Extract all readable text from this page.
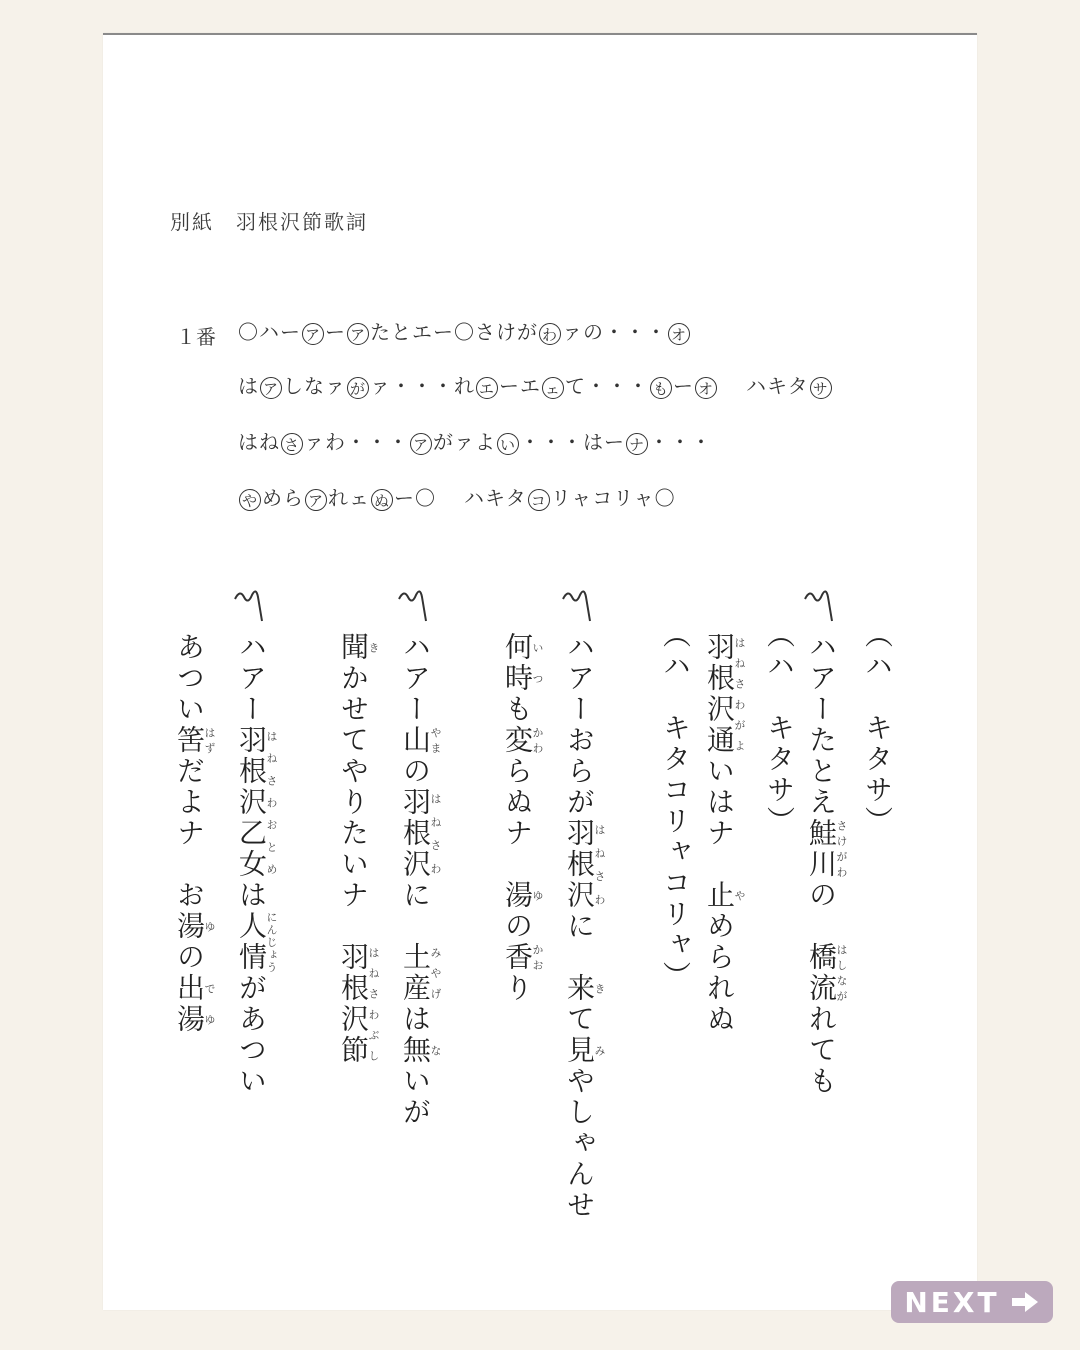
別紙　羽根沢節歌詞
１番 〇ハー ア ー ア たとエー〇さけが わ ァの・・・ オ
は ア しなァ が ァ・・・れ エ ーエ ェ て・・・ も ー オ ハキタ サ
はね さ ァわ・・・ ア がァよ い ・・・はー ナ ・・・
や めら ア れェ ぬ ー〇 ハキタ コ リャコリャ〇
（ハ　キタサ）

ハアーたとえ鮭川さけがわの　橋流はしながれても

（ハ　キタサ）

羽根沢通はねさわがよいはナ　止やめられぬ

（ハ　キタコリャコリャ）

ハアーおらが羽根沢はねさわに　来きて見みやしゃんせ

何時いつも変かわらぬナ　湯ゆの香かおり

ハアー山やまの羽根沢はねさわに　土産みやげは無ないが

聞きかせてやりたいナ　羽根沢節はねさわぶし

ハアー羽根沢乙女はねさわおとめは人情にんじょうがあつい

あつい筈はずだよナ　お湯ゆの出湯でゆ

NEXT
